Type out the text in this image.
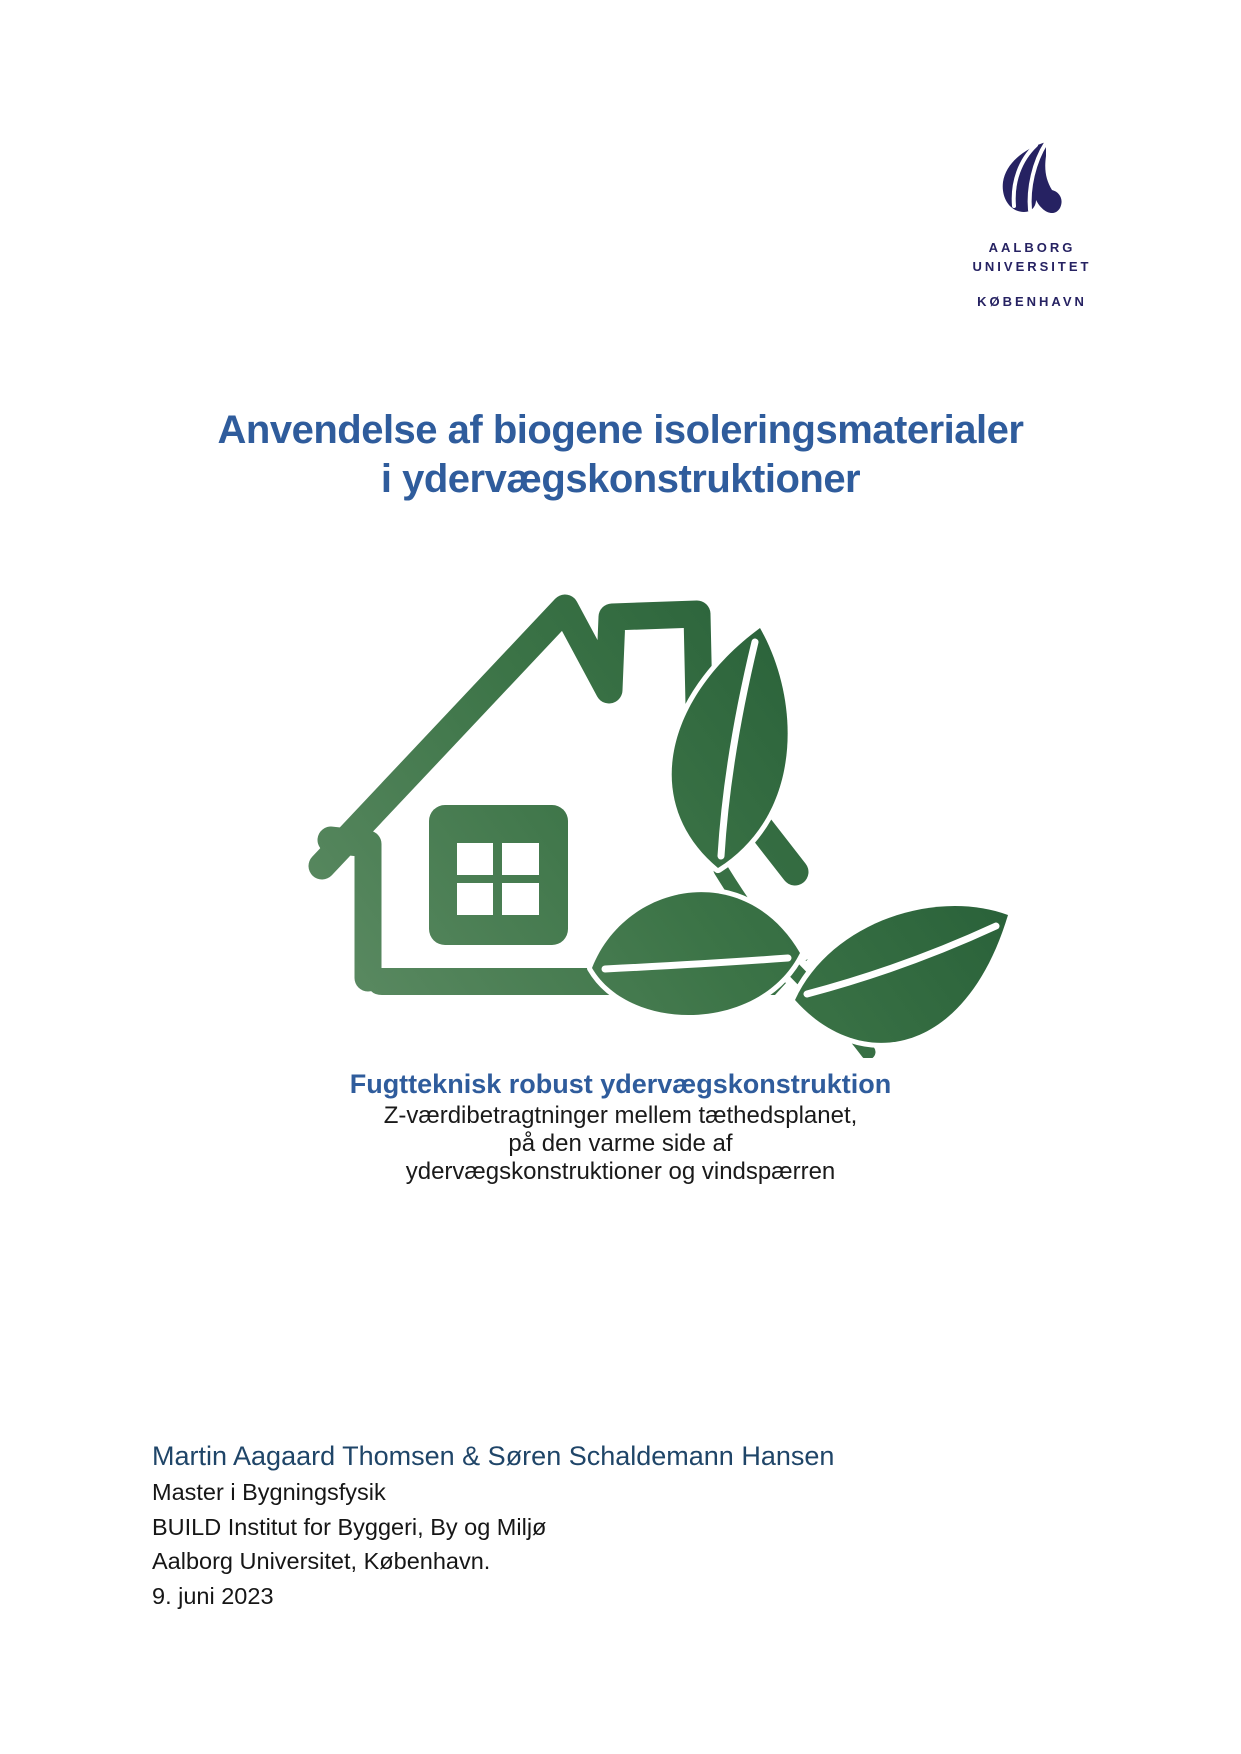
AALBORG
UNIVERSITET
KØBENHAVN
Anvendelse af biogene isoleringsmaterialer
i ydervægskonstruktioner
Fugtteknisk robust ydervægskonstruktion
Z-værdibetragtninger mellem tæthedsplanet,
på den varme side af
ydervægskonstruktioner og vindspærren
Martin Aagaard Thomsen & Søren Schaldemann Hansen
Master i Bygningsfysik
BUILD Institut for Byggeri, By og Miljø
Aalborg Universitet, København.
9. juni 2023
